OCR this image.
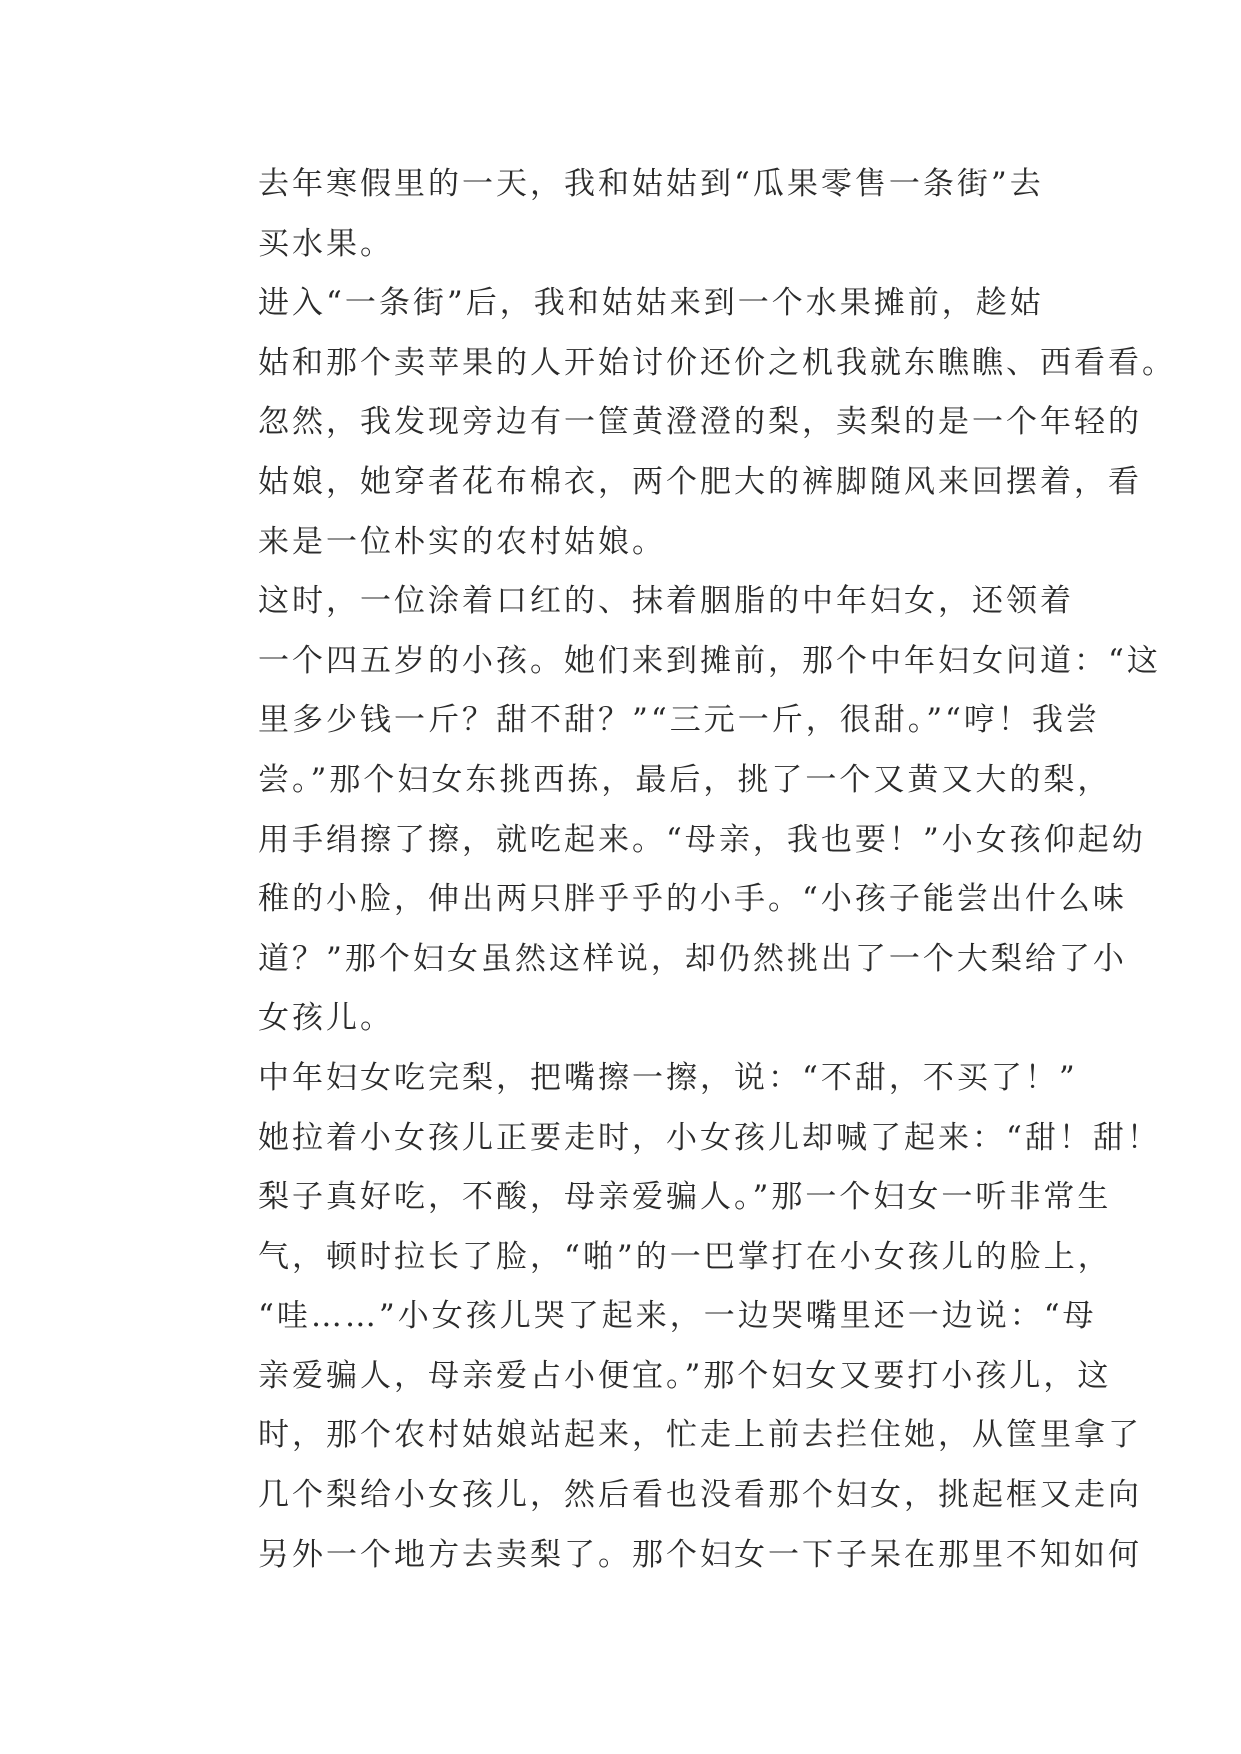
去年寒假里的一天，我和姑姑到“瓜果零售一条街”去
买水果。

进入“一条街”后，我和姑姑来到一个水果摊前，趁姑
姑和那个卖苹果的人开始讨价还价之机我就东瞧瞧、西看看。
忽然，我发现旁边有一筐黄澄澄的梨，卖梨的是一个年轻的
姑娘，她穿者花布棉衣，两个肥大的裤脚随风来回摆着，看
来是一位朴实的农村姑娘。

这时，一位涂着口红的、抹着胭脂的中年妇女，还领着
一个四五岁的小孩。她们来到摊前，那个中年妇女问道：“这
里多少钱一斤？甜不甜？”“三元一斤，很甜。”“哼！我尝
尝。”那个妇女东挑西拣，最后，挑了一个又黄又大的梨，
用手绢擦了擦，就吃起来。“母亲，我也要！”小女孩仰起幼
稚的小脸，伸出两只胖乎乎的小手。“小孩子能尝出什么味
道？”那个妇女虽然这样说，却仍然挑出了一个大梨给了小
女孩儿。

中年妇女吃完梨，把嘴擦一擦，说：“不甜，不买了！”
她拉着小女孩儿正要走时，小女孩儿却喊了起来：“甜！甜！
梨子真好吃，不酸，母亲爱骗人。”那一个妇女一听非常生
气，顿时拉长了脸，“啪”的一巴掌打在小女孩儿的脸上，
“哇……”小女孩儿哭了起来，一边哭嘴里还一边说：“母
亲爱骗人，母亲爱占小便宜。”那个妇女又要打小孩儿，这
时，那个农村姑娘站起来，忙走上前去拦住她，从筐里拿了
几个梨给小女孩儿，然后看也没看那个妇女，挑起框又走向
另外一个地方去卖梨了。那个妇女一下子呆在那里不知如何
